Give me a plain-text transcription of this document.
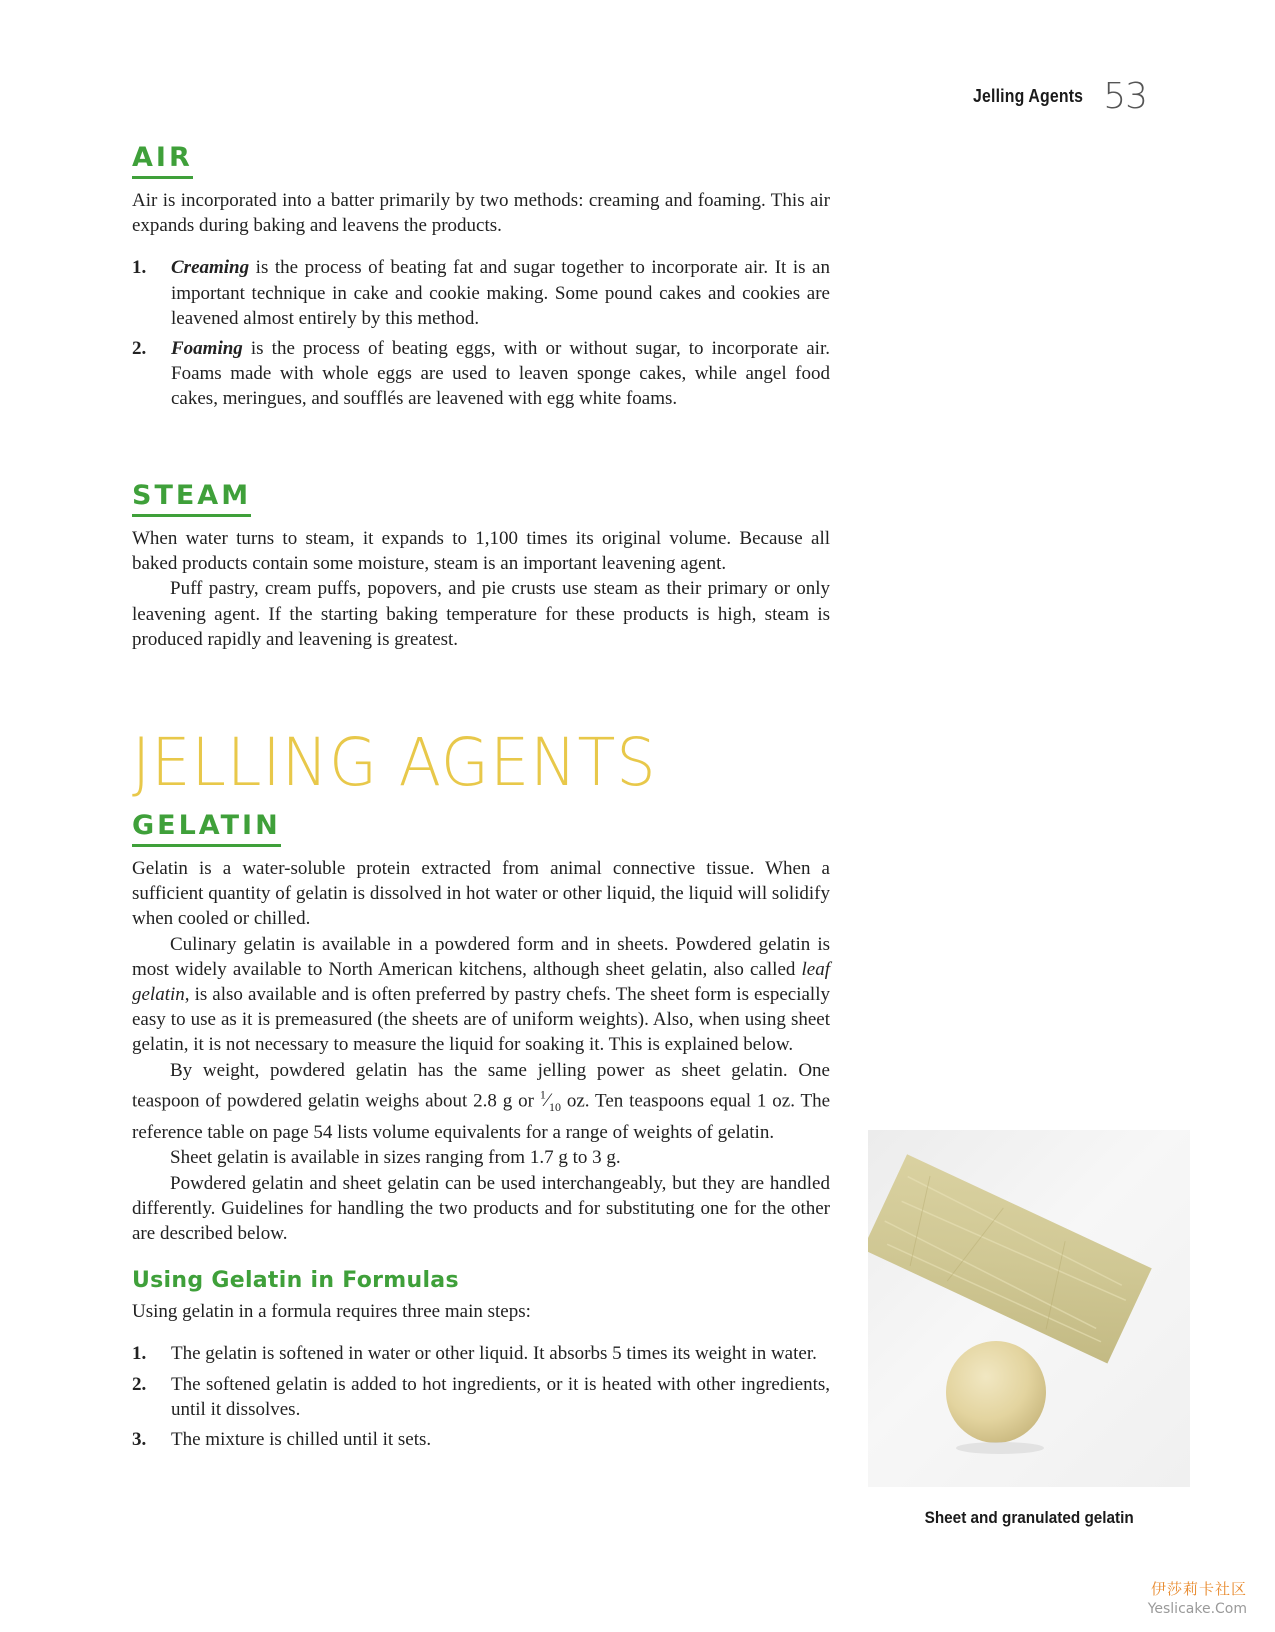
Jelling Agents 53
AIR

Air is incorporated into a batter primarily by two methods: creaming and foaming. This air expands during baking and leavens the products.

1. Creaming is the process of beating fat and sugar together to incorporate air. It is an important technique in cake and cookie making. Some pound cakes and cookies are leavened almost entirely by this method.
2. Foaming is the process of beating eggs, with or without sugar, to incorporate air. Foams made with whole eggs are used to leaven sponge cakes, while angel food cakes, meringues, and soufflés are leavened with egg white foams.
STEAM

When water turns to steam, it expands to 1,100 times its original volume. Because all baked products contain some moisture, steam is an important leavening agent.

Puff pastry, cream puffs, popovers, and pie crusts use steam as their primary or only leavening agent. If the starting baking temperature for these products is high, steam is produced rapidly and leavening is greatest.

JELLING AGENTS
GELATIN

Gelatin is a water-soluble protein extracted from animal connective tissue. When a sufficient quantity of gelatin is dissolved in hot water or other liquid, the liquid will solidify when cooled or chilled.

Culinary gelatin is available in a powdered form and in sheets. Powdered gelatin is most widely available to North American kitchens, although sheet gelatin, also called leaf gelatin, is also available and is often preferred by pastry chefs. The sheet form is especially easy to use as it is premeasured (the sheets are of uniform weights). Also, when using sheet gelatin, it is not necessary to measure the liquid for soaking it. This is explained below.

By weight, powdered gelatin has the same jelling power as sheet gelatin. One teaspoon of powdered gelatin weighs about 2.8 g or $^1⁄_{10}$ oz. Ten teaspoons equal 1 oz. The reference table on page 54 lists volume equivalents for a range of weights of gelatin.

Sheet gelatin is available in sizes ranging from 1.7 g to 3 g.

Powdered gelatin and sheet gelatin can be used interchangeably, but they are handled differently. Guidelines for handling the two products and for substituting one for the other are described below.

Using Gelatin in Formulas

Using gelatin in a formula requires three main steps:

1. The gelatin is softened in water or other liquid. It absorbs 5 times its weight in water.
2. The softened gelatin is added to hot ingredients, or it is heated with other ingredients, until it dissolves.
3. The mixture is chilled until it sets.
Sheet and granulated gelatin
伊莎莉卡社区
Yeslicake.Com
